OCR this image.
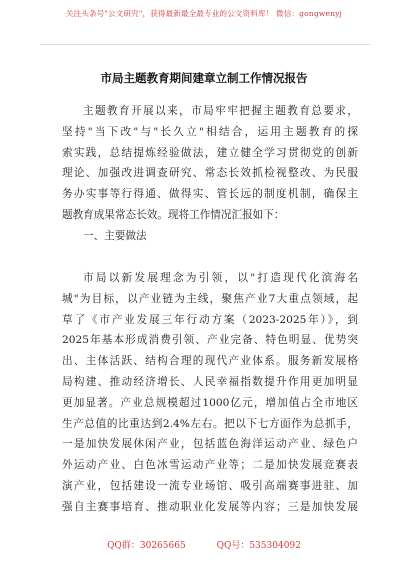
关注头条号"公文研究"，获得最新最全最专业的公文资料库！ 微信：gongwenyj
市局主题教育期间建章立制工作情况报告
主题教育开展以来，市局牢牢把握主题教育总要求，
坚持"当下改"与"长久立"相结合，运用主题教育的探
索实践，总结提炼经验做法，建立健全学习贯彻党的创新
理论、加强改进调查研究、常态长效抓检视整改、为民服
务办实事等行得通、做得实、管长远的制度机制，确保主
题教育成果常态长效。现将工作情况汇报如下：
一、主要做法
市局以新发展理念为引领，以"打造现代化滨海名
城"为目标，以产业链为主线，聚焦产业7大重点领域，起
草了《市产业发展三年行动方案（2023-2025年）》，到
2025年基本形成消费引领、产业完备、特色明显、优势突
出、主体活跃、结构合理的现代产业体系。服务新发展格
局构建、推动经济增长、人民幸福指数提升作用更加明显
更加显著。产业总规模超过1000亿元，增加值占全市地区
生产总值的比重达到2.4%左右。把以下七方面作为总抓手，
一是加快发展休闲产业，包括蓝色海洋运动产业、绿色户
外运动产业、白色冰雪运动产业等；二是加快发展竞赛表
演产业，包括建设一流专业场馆、吸引高端赛事进驻、加
强自主赛事培育、推动职业化发展等内容；三是加快发展
QQ群：30265665	QQ号：535304092
